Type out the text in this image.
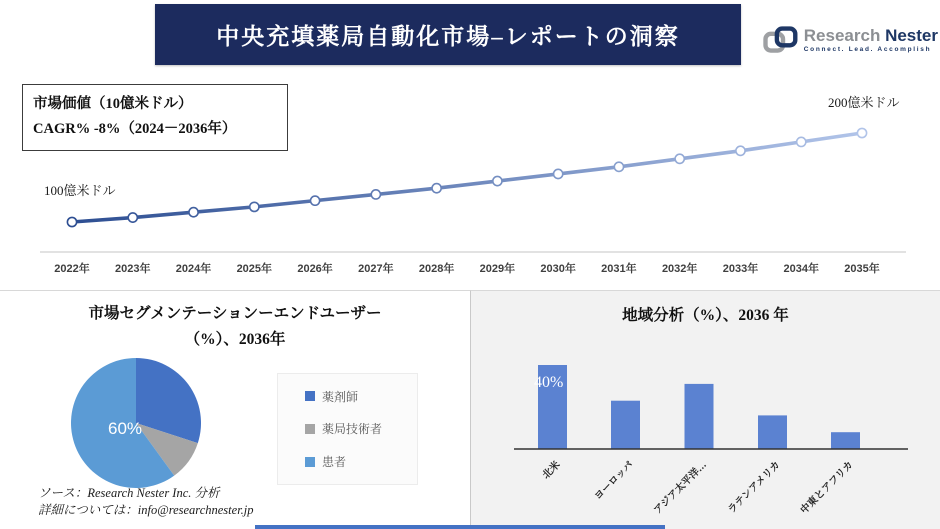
中央充填薬局自動化市場–レポートの洞察	Research Nester
Connect. Lead. Accomplish
市場価値（10億米ドル）
CAGR% -8%（2024－2036年）
2022年 2023年 2024年 2025年 2026年 2027年 2028年 2029年 2030年 2031年 2032年 2033年 2034年 2035年
100億米ドル
200億米ドル
市場セグメンテーションーエンドユーザー
（%）、2036年
60%
薬剤師
薬局技術者
患者
ソース：Research Nester Inc. 分析
詳細については：info@researchnester.jp
地域分析（%）、2036 年
北米	ヨーロッパ アジア太平洋… ラテンアメリカ 中東とアフリカ
40%
